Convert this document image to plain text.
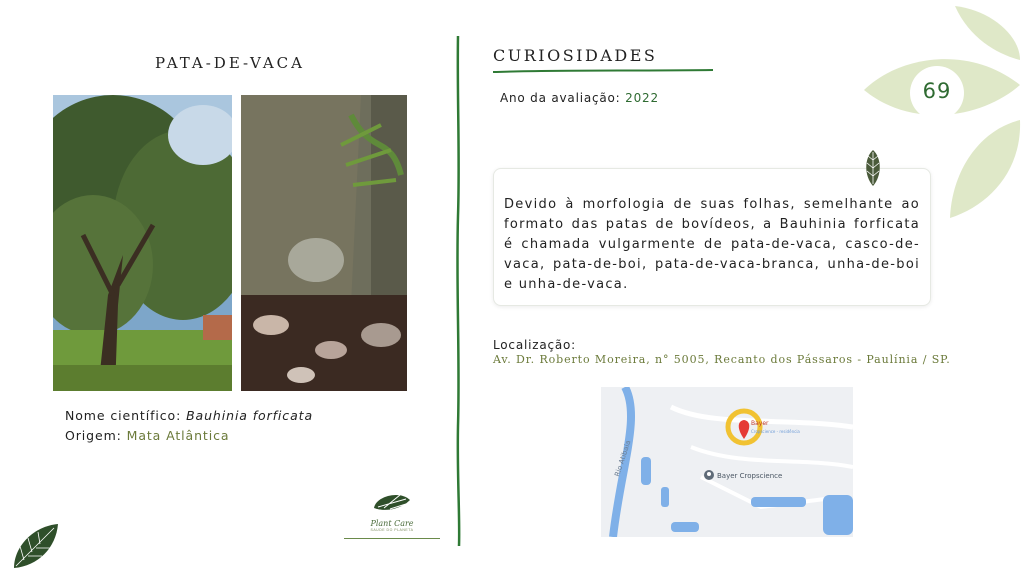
69
PATA-DE-VACA
Nome científico: Bauhinia forficata
Origem: Mata Atlântica
Plant Care
SAUDE DO PLANETA
CURIOSIDADES
Ano da avaliação: 2022
Devido à morfologia de suas folhas, semelhante ao formato das patas de bovídeos, a Bauhinia forficata é chamada vulgarmente de pata-de-vaca, casco-de-vaca, pata-de-boi, pata-de-vaca-branca, unha-de-boi e unha-de-vaca.
Localização:
Av. Dr. Roberto Moreira, n° 5005, Recanto dos Pássaros - Paulínia / SP.
Rio Atibaia	Bayer Cropscience
Bayer
Cropscience - residência
